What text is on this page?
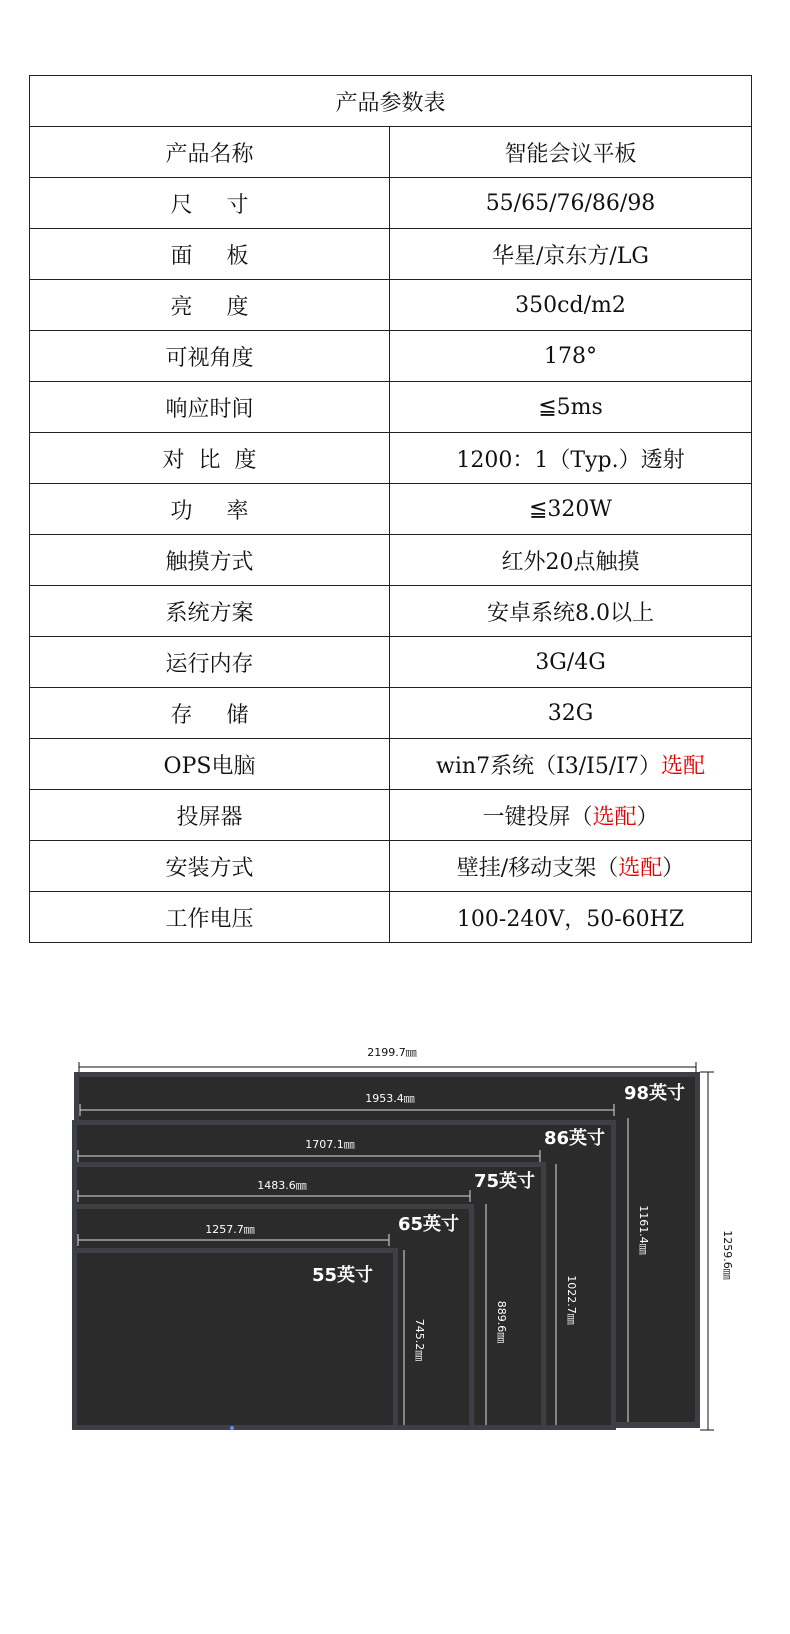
产品参数表	
产品名称	智能会议平板
尺寸	55/65/76/86/98
面板	华星/京东方/LG
亮度	350cd/m2
可视角度	178°
响应时间	≦5ms
对比度	1200：1（Typ.）透射
功率	≦320W
触摸方式	红外20点触摸
系统方案	安卓系统8.0以上
运行内存	3G/4G
存储	32G
OPS电脑	win7系统（I3/I5/I7）选配
投屏器	一键投屏（选配）
安装方式	壁挂/移动支架（选配）
工作电压	100-240V，50-60HZ
2199.7㎜
1259.6㎜
98英寸
1953.4㎜
1161.4㎜
86英寸
1707.1㎜
1022.7㎜
75英寸
1483.6㎜
889.6㎜
65英寸
1257.7㎜
745.2㎜
55英寸
